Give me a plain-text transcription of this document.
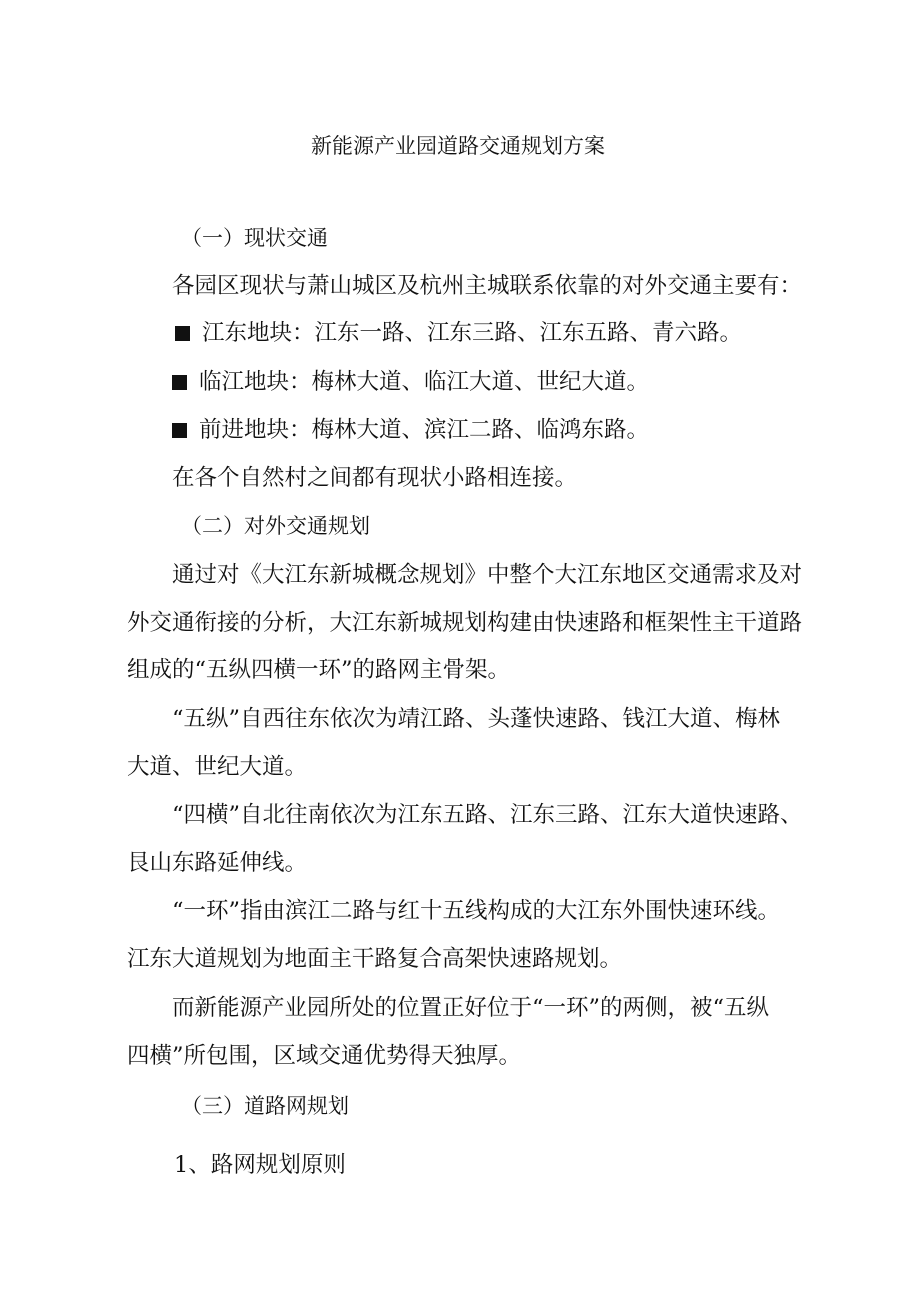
新能源产业园道路交通规划方案
（一）现状交通
各园区现状与萧山城区及杭州主城联系依靠的对外交通主要有：
江东地块：江东一路、江东三路、江东五路、青六路。
临江地块：梅林大道、临江大道、世纪大道。
前进地块：梅林大道、滨江二路、临鸿东路。
在各个自然村之间都有现状小路相连接。
（二）对外交通规划
通过对《大江东新城概念规划》中整个大江东地区交通需求及对
外交通衔接的分析，大江东新城规划构建由快速路和框架性主干道路
组成的“五纵四横一环”的路网主骨架。
“五纵”自西往东依次为靖江路、头蓬快速路、钱江大道、梅林
大道、世纪大道。
“四横”自北往南依次为江东五路、江东三路、江东大道快速路、
艮山东路延伸线。
“一环”指由滨江二路与红十五线构成的大江东外围快速环线。
江东大道规划为地面主干路复合高架快速路规划。
而新能源产业园所处的位置正好位于“一环”的两侧，被“五纵
四横”所包围，区域交通优势得天独厚。
（三）道路网规划
1、路网规划原则
